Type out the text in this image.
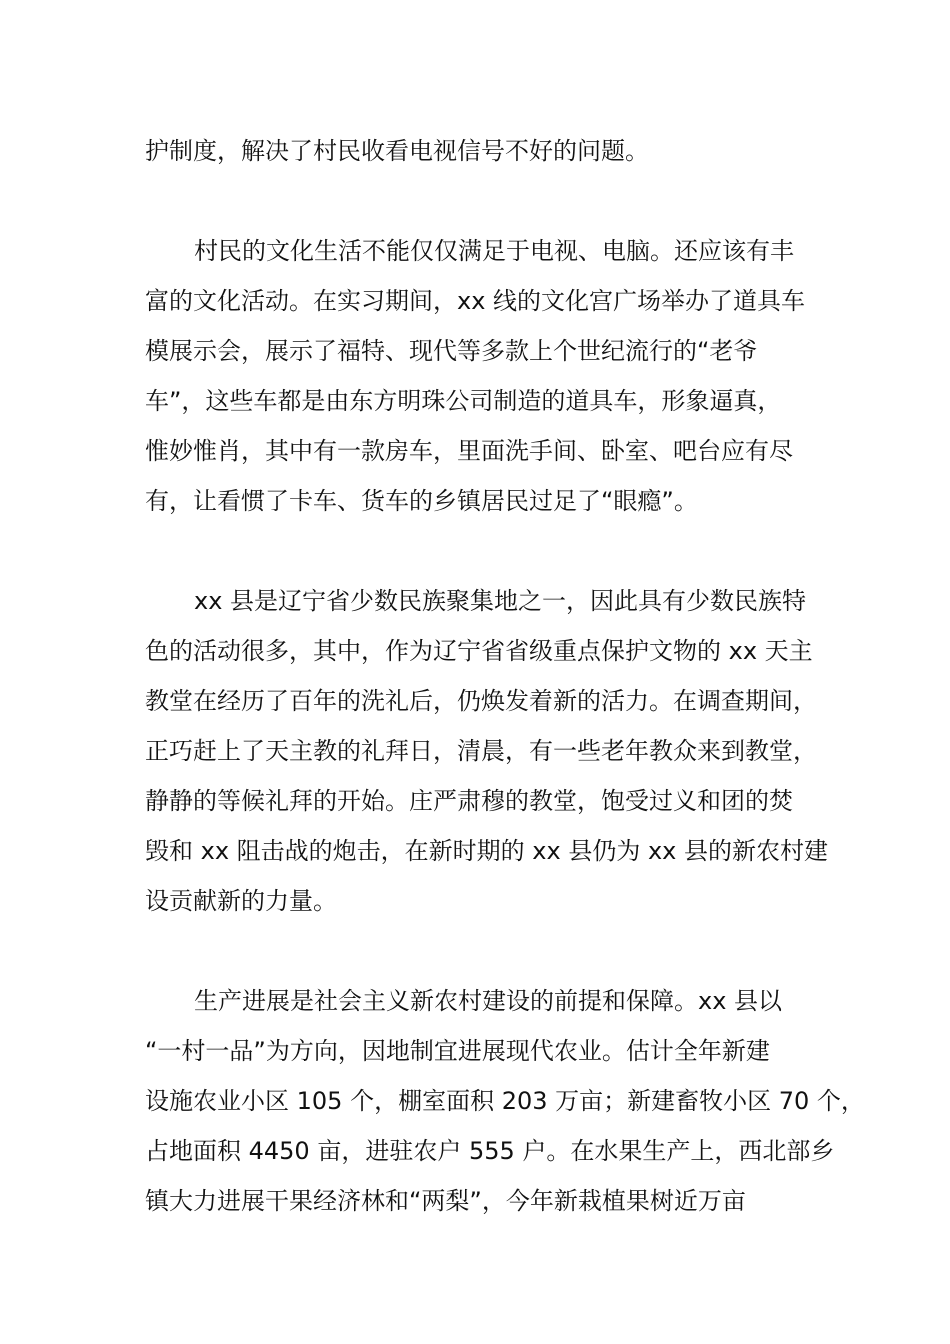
护制度，解决了村民收看电视信号不好的问题。
村民的文化生活不能仅仅满足于电视、电脑。还应该有丰
富的文化活动。在实习期间，xx 线的文化宫广场举办了道具车
模展示会，展示了福特、现代等多款上个世纪流行的“老爷
车”，这些车都是由东方明珠公司制造的道具车，形象逼真，
惟妙惟肖，其中有一款房车，里面洗手间、卧室、吧台应有尽
有，让看惯了卡车、货车的乡镇居民过足了“眼瘾”。
xx 县是辽宁省少数民族聚集地之一，因此具有少数民族特
色的活动很多，其中，作为辽宁省省级重点保护文物的 xx 天主
教堂在经历了百年的洗礼后，仍焕发着新的活力。在调查期间，
正巧赶上了天主教的礼拜日，清晨，有一些老年教众来到教堂，
静静的等候礼拜的开始。庄严肃穆的教堂，饱受过义和团的焚
毁和 xx 阻击战的炮击，在新时期的 xx 县仍为 xx 县的新农村建
设贡献新的力量。
生产进展是社会主义新农村建设的前提和保障。xx 县以
“一村一品”为方向，因地制宜进展现代农业。估计全年新建
设施农业小区 105 个，棚室面积 203 万亩；新建畜牧小区 70 个，
占地面积 4450 亩，进驻农户 555 户。在水果生产上，西北部乡
镇大力进展干果经济林和“两梨”，今年新栽植果树近万亩
